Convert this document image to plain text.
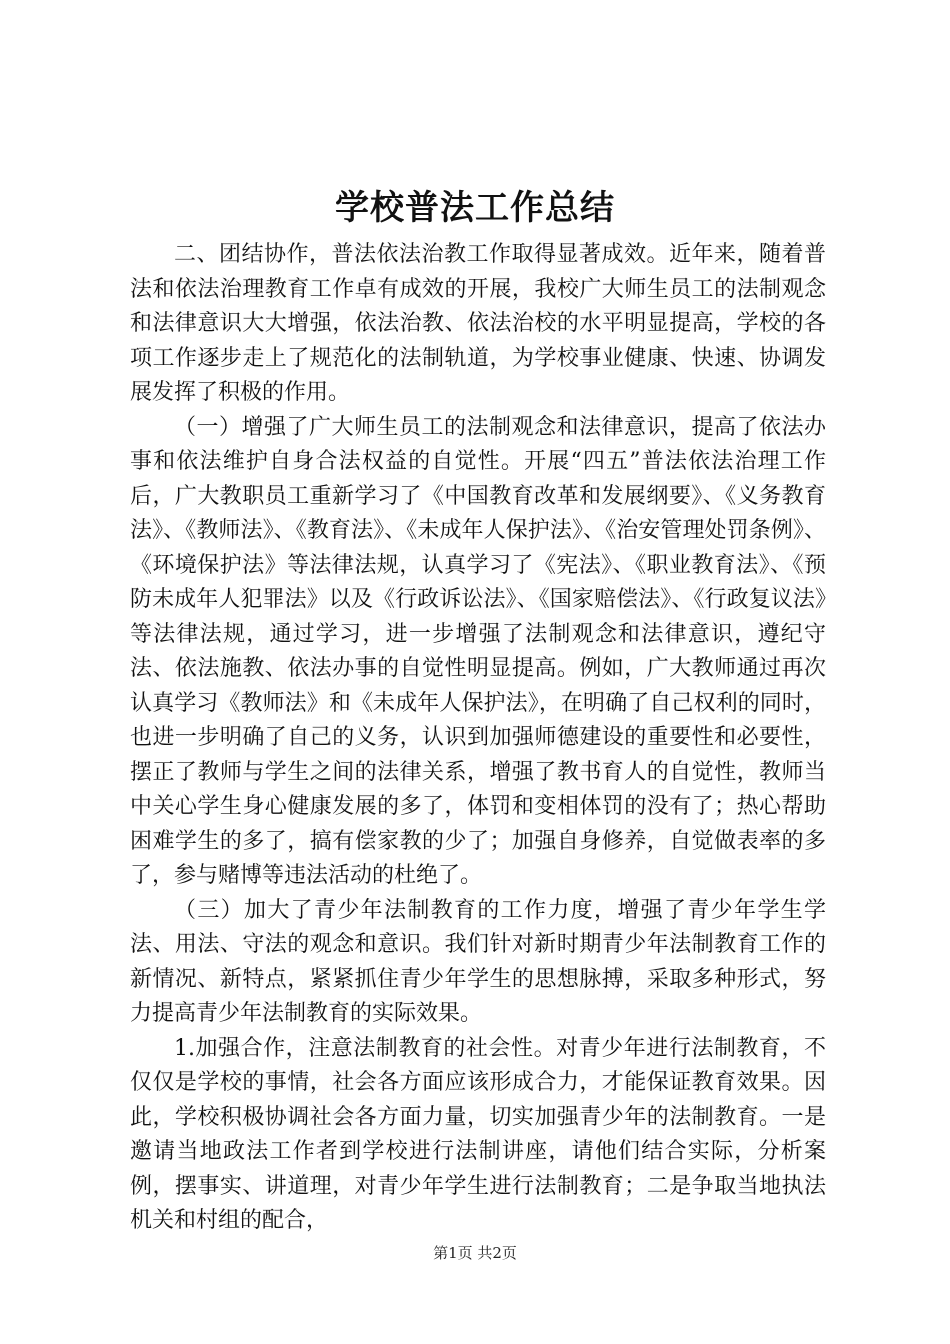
学校普法工作总结

二、团结协作，普法依法治教工作取得显著成效。近年来，随着普法和依法治理教育工作卓有成效的开展，我校广大师生员工的法制观念和法律意识大大增强，依法治教、依法治校的水平明显提高，学校的各项工作逐步走上了规范化的法制轨道，为学校事业健康、快速、协调发展发挥了积极的作用。

（一）增强了广大师生员工的法制观念和法律意识，提高了依法办事和依法维护自身合法权益的自觉性。开展“四五”普法依法治理工作后，广大教职员工重新学习了《中国教育改革和发展纲要》、《义务教育法》、《教师法》、《教育法》、《未成年人保护法》、《治安管理处罚条例》、《环境保护法》等法律法规，认真学习了《宪法》、《职业教育法》、《预防未成年人犯罪法》以及《行政诉讼法》、《国家赔偿法》、《行政复议法》等法律法规，通过学习，进一步增强了法制观念和法律意识，遵纪守法、依法施教、依法办事的自觉性明显提高。例如，广大教师通过再次认真学习《教师法》和《未成年人保护法》，在明确了自己权利的同时，也进一步明确了自己的义务，认识到加强师德建设的重要性和必要性，摆正了教师与学生之间的法律关系，增强了教书育人的自觉性，教师当中关心学生身心健康发展的多了，体罚和变相体罚的没有了；热心帮助困难学生的多了，搞有偿家教的少了；加强自身修养，自觉做表率的多了，参与赌博等违法活动的杜绝了。

（三）加大了青少年法制教育的工作力度，增强了青少年学生学法、用法、守法的观念和意识。我们针对新时期青少年法制教育工作的新情况、新特点，紧紧抓住青少年学生的思想脉搏，采取多种形式，努力提高青少年法制教育的实际效果。

1.加强合作，注意法制教育的社会性。对青少年进行法制教育，不仅仅是学校的事情，社会各方面应该形成合力，才能保证教育效果。因此，学校积极协调社会各方面力量，切实加强青少年的法制教育。一是邀请当地政法工作者到学校进行法制讲座，请他们结合实际，分析案例，摆事实、讲道理，对青少年学生进行法制教育；二是争取当地执法机关和村组的配合，

第1页 共2页
